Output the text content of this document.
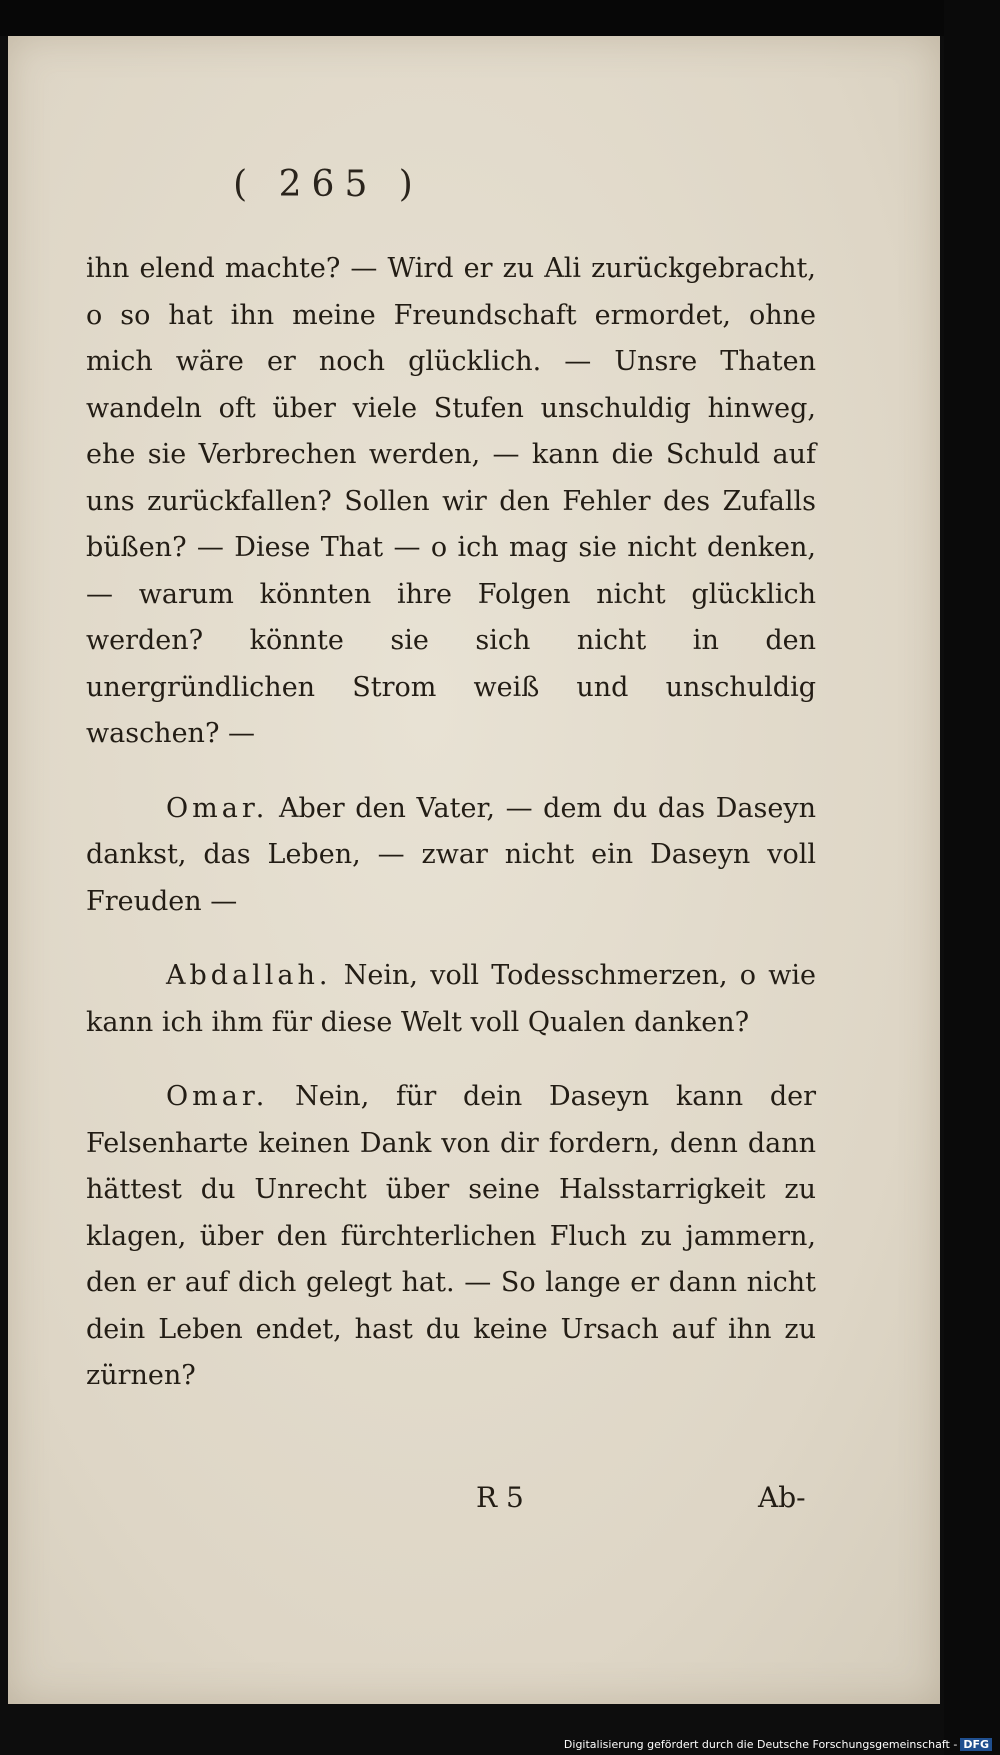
( 265 )

ihn elend machte? — Wird er zu Ali zurückgebracht, o so hat ihn meine Freundschaft ermordet, ohne mich wäre er noch glücklich. — Unsre Thaten wandeln oft über viele Stufen unschuldig hinweg, ehe sie Verbrechen werden, — kann die Schuld auf uns zurückfallen? Sollen wir den Fehler des Zufalls büßen? — Diese That — o ich mag sie nicht denken, — warum könnten ihre Folgen nicht glücklich werden? könnte sie sich nicht in den unergründlichen Strom weiß und unschuldig waschen? —

Omar. Aber den Vater, — dem du das Daseyn dankst, das Leben, — zwar nicht ein Daseyn voll Freuden —

Abdallah. Nein, voll Todesschmerzen, o wie kann ich ihm für diese Welt voll Qualen danken?

Omar. Nein, für dein Daseyn kann der Felsenharte keinen Dank von dir fordern, denn dann hättest du Unrecht über seine Halsstarrigkeit zu klagen, über den fürchterlichen Fluch zu jammern, den er auf dich gelegt hat. — So lange er dann nicht dein Leben endet, hast du keine Ursach auf ihn zu zürnen?

R 5	Ab-
Digitalisierung gefördert durch die Deutsche Forschungsgemeinschaft - DFG
